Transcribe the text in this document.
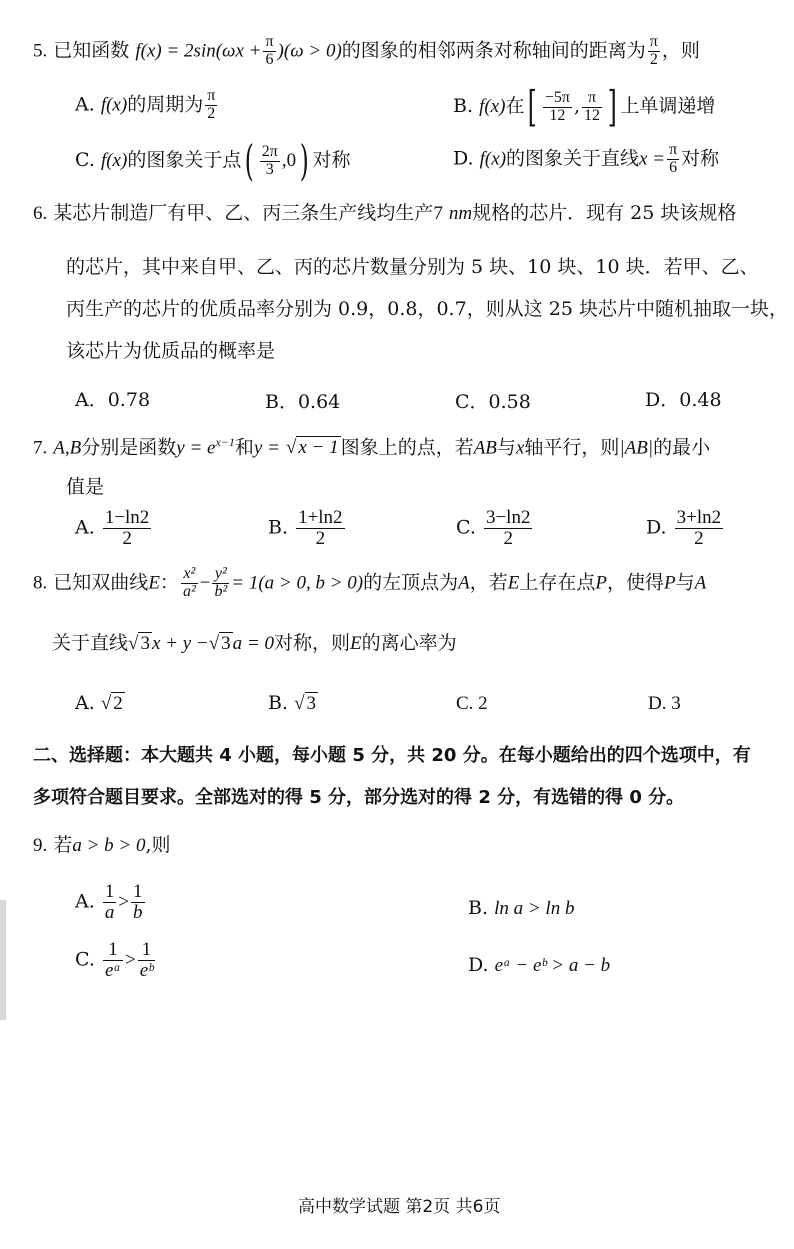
5. 已知函数 $f(x) = 2\sin(\omega x + \frac{\pi}{6} )(\omega > 0)$的图象的相邻两条对称轴间的距离为 $\frac{\pi}{2}$ ，则
A. f(x)的周期为 $\frac{\pi}{2}$	B. f(x)在[ $\frac{-5\pi}{12}$ , $\frac{\pi}{12}$ ] 上单调递增
C. f(x)的图象关于点( $\frac{2\pi}{3} ,0$) 对称	D. f(x)的图象关于直线$x = \frac{\pi}{6}$ 对称
6. 某芯片制造厂有甲、乙、丙三条生产线均生产7 nm规格的芯片．现有 25 块该规格
的芯片，其中来自甲、乙、丙的芯片数量分别为 5 块、10 块、10 块．若甲、乙、
丙生产的芯片的优质品率分别为 0.9，0.8，0.7，则从这 25 块芯片中随机抽取一块，
该芯片为优质品的概率是
A．0.78	B．0.64	C．0.58	D．0.48
7. A,B分别是函数$y = e^{x-1}$和y = √ x − 1 图象上的点，若AB与x轴平行，则|AB|的最小
值是
A. $\frac{1-\ln 2}{2}$	B. $\frac{1+\ln 2}{2}$	C. $\frac{3-\ln 2}{2}$	D. $\frac{3+\ln 2}{2}$
8. 已知双曲线E： $\frac{\text{x²}}{\text{a²}} - \frac{\text{y²}}{\text{b²}} = 1(a > 0$, b > 0)的左顶点为A，若E上存在点P，使得P与A
关于直线√ 3 x + y −√ 3 a = 0对称，则E的离心率为
A. √ 2	B. √ 3	C. 2	D. 3
二、选择题：本大题共 4 小题，每小题 5 分，共 20 分。在每小题给出的四个选项中，有
多项符合题目要求。全部选对的得 5 分，部分选对的得 2 分，有选错的得 0 分。
9. 若a > b > 0,则
A. $\frac{1}{a} > \frac{1}{b}$	B. ln a > ln b
C. $\frac{1}{\text{eᵃ}} > \frac{1}{\text{eᵇ}}$	D. eᵃ − eᵇ > a − b
高中数学试题 第2页 共6页
